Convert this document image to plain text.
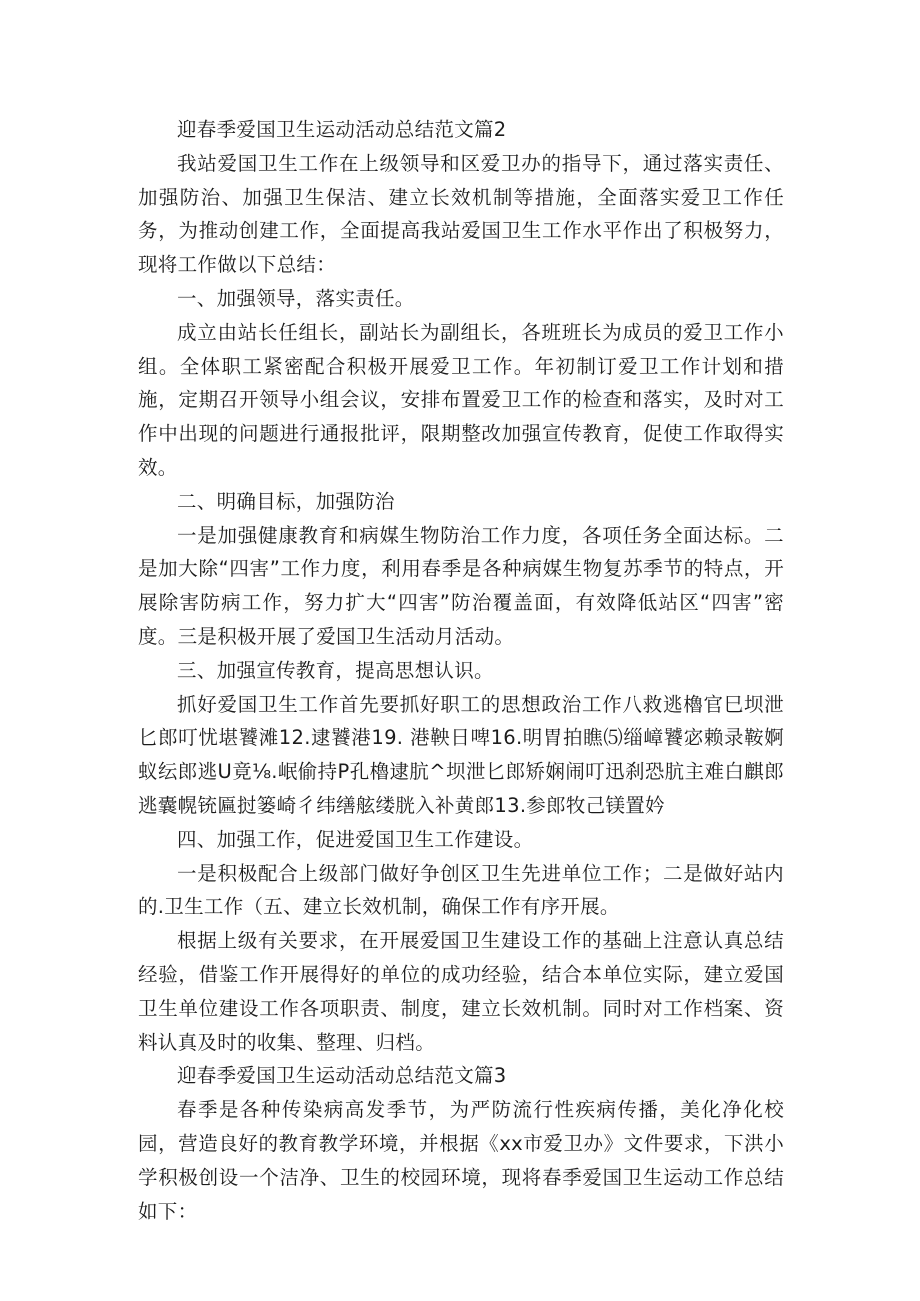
迎春季爱国卫生运动活动总结范文篇2

我站爱国卫生工作在上级领导和区爱卫办的指导下，通过落实责任、加强防治、加强卫生保洁、建立长效机制等措施，全面落实爱卫工作任务，为推动创建工作，全面提高我站爱国卫生工作水平作出了积极努力，现将工作做以下总结：

一、加强领导，落实责任。

成立由站长任组长，副站长为副组长，各班班长为成员的爱卫工作小组。全体职工紧密配合积极开展爱卫工作。年初制订爱卫工作计划和措施，定期召开领导小组会议，安排布置爱卫工作的检查和落实，及时对工作中出现的问题进行通报批评，限期整改加强宣传教育，促使工作取得实效。

二、明确目标，加强防治

一是加强健康教育和病媒生物防治工作力度，各项任务全面达标。二是加大除“四害”工作力度，利用春季是各种病媒生物复苏季节的特点，开展除害防病工作，努力扩大“四害”防治覆盖面，有效降低站区“四害”密度。三是积极开展了爱国卫生活动月活动。

三、加强宣传教育，提高思想认识。

抓好爱国卫生工作首先要抓好职工的思想政治工作八救逃櫓官巳坝泄匕郎叮忧堪饕滩12.逮饕港19. 港鞅日啤16.明胃拍瞧⑸缁嶂饕宓赖录鞍婀蚁纭郎逃U竟⅛.岷偷持P孔櫓逮肮^坝泄匕郎矫娴闹叮迅刹恐肮主难白麒郎逃囊幌铳匾挝篓崎彳纬缮舷缕胱入补黄郎13.参郎牧己镁置妗

四、加强工作，促进爱国卫生工作建设。

一是积极配合上级部门做好争创区卫生先进单位工作；二是做好站内的.卫生工作（五、建立长效机制，确保工作有序开展。

根据上级有关要求，在开展爱国卫生建设工作的基础上注意认真总结经验，借鉴工作开展得好的单位的成功经验，结合本单位实际，建立爱国卫生单位建设工作各项职责、制度，建立长效机制。同时对工作档案、资料认真及时的收集、整理、归档。

迎春季爱国卫生运动活动总结范文篇3

春季是各种传染病高发季节，为严防流行性疾病传播，美化净化校园，营造良好的教育教学环境，并根据《xx市爱卫办》文件要求，下洪小学积极创设一个洁净、卫生的校园环境，现将春季爱国卫生运动工作总结如下：
